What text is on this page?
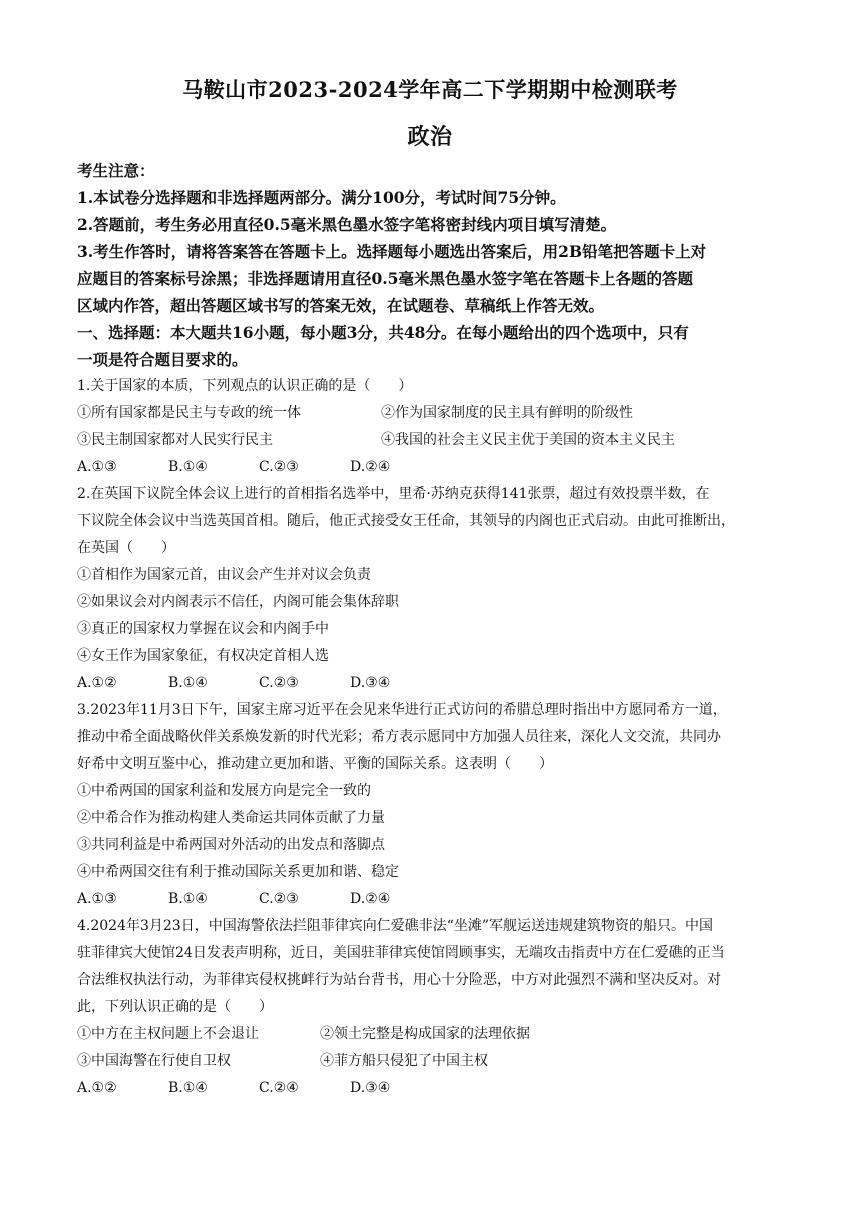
马鞍山市2023-2024学年高二下学期期中检测联考
政治
考生注意：
1.本试卷分选择题和非选择题两部分。满分100分，考试时间75分钟。
2.答题前，考生务必用直径0.5毫米黑色墨水签字笔将密封线内项目填写清楚。
3.考生作答时，请将答案答在答题卡上。选择题每小题选出答案后，用2B铅笔把答题卡上对
应题目的答案标号涂黑；非选择题请用直径0.5毫米黑色墨水签字笔在答题卡上各题的答题
区域内作答，超出答题区域书写的答案无效，在试题卷、草稿纸上作答无效。
一、选择题：本大题共16小题，每小题3分，共48分。在每小题给出的四个选项中，只有
一项是符合题目要求的。
1.关于国家的本质，下列观点的认识正确的是（　　）
①所有国家都是民主与专政的统一体	②作为国家制度的民主具有鲜明的阶级性
③民主制国家都对人民实行民主	④我国的社会主义民主优于美国的资本主义民主
A.①③	B.①④	C.②③	D.②④
2.在英国下议院全体会议上进行的首相指名选举中，里希·苏纳克获得141张票，超过有效投票半数，在
下议院全体会议中当选英国首相。随后，他正式接受女王任命，其领导的内阁也正式启动。由此可推断出，
在英国（　　）
①首相作为国家元首，由议会产生并对议会负责
②如果议会对内阁表示不信任，内阁可能会集体辞职
③真正的国家权力掌握在议会和内阁手中
④女王作为国家象征，有权决定首相人选
A.①②	B.①④	C.②③	D.③④
3.2023年11月3日下午，国家主席习近平在会见来华进行正式访问的希腊总理时指出中方愿同希方一道，
推动中希全面战略伙伴关系焕发新的时代光彩；希方表示愿同中方加强人员往来，深化人文交流，共同办
好希中文明互鉴中心，推动建立更加和谐、平衡的国际关系。这表明（　　）
①中希两国的国家利益和发展方向是完全一致的
②中希合作为推动构建人类命运共同体贡献了力量
③共同利益是中希两国对外活动的出发点和落脚点
④中希两国交往有利于推动国际关系更加和谐、稳定
A.①③	B.①④	C.②③	D.②④
4.2024年3月23日，中国海警依法拦阻菲律宾向仁爱礁非法“坐滩”军舰运送违规建筑物资的船只。中国
驻菲律宾大使馆24日发表声明称，近日，美国驻菲律宾使馆罔顾事实，无端攻击指责中方在仁爱礁的正当
合法维权执法行动，为菲律宾侵权挑衅行为站台背书，用心十分险恶，中方对此强烈不满和坚决反对。对
此，下列认识正确的是（　　）
①中方在主权问题上不会退让	②领土完整是构成国家的法理依据
③中国海警在行使自卫权	④菲方船只侵犯了中国主权
A.①②	B.①④	C.②④	D.③④
